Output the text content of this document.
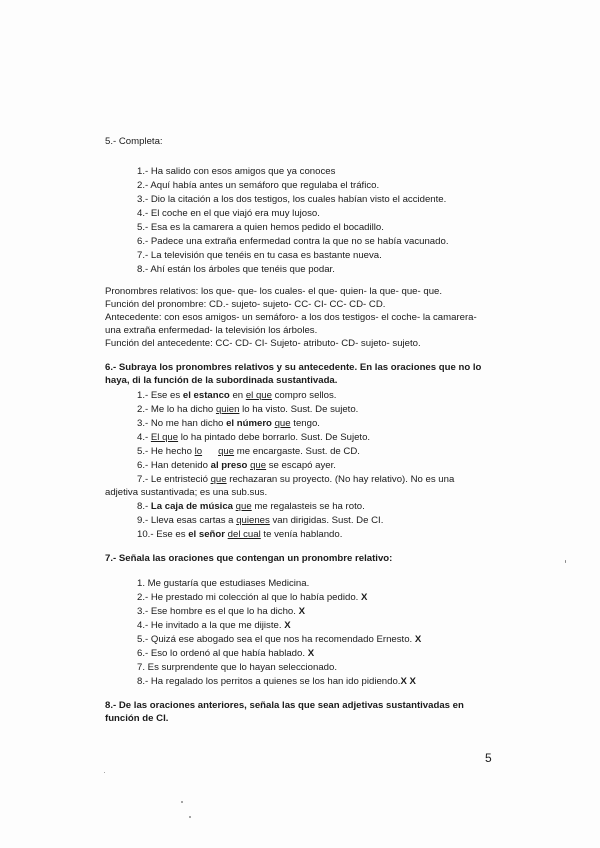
5.- Completa:
1.- Ha salido con esos amigos que ya conoces
2.- Aquí había antes un semáforo que regulaba el tráfico.
3.- Dio la citación a los dos testigos, los cuales habían visto el accidente.
4.- El coche en el que viajó era muy lujoso.
5.- Esa es la camarera a quien hemos pedido el bocadillo.
6.- Padece una extraña enfermedad contra la que no se había vacunado.
7.- La televisión que tenéis en tu casa es bastante nueva.
8.- Ahí están los árboles que tenéis que podar.
Pronombres relativos: los que- que- los cuales- el que- quien- la que- que- que.
Función del pronombre: CD.- sujeto- sujeto- CC- CI- CC- CD- CD.
Antecedente: con esos amigos- un semáforo- a los dos testigos- el coche- la camarera-
una extraña enfermedad- la televisión los árboles.
Función del antecedente: CC- CD- CI- Sujeto- atributo- CD- sujeto- sujeto.
6.- Subraya los pronombres relativos y su antecedente. En las oraciones que no lo
haya, di la función de la subordinada sustantivada.
1.- Ese es el estanco en el que compro sellos.
2.- Me lo ha dicho quien lo ha visto. Sust. De sujeto.
3.- No me han dicho el número que tengo.
4.- El que lo ha pintado debe borrarlo. Sust. De Sujeto.
5.- He hecho lo que me encargaste. Sust. de CD.
6.- Han detenido al preso que se escapó ayer.
7.- Le entristeció que rechazaran su proyecto. (No hay relativo). No es una
adjetiva sustantivada; es una sub.sus.
8.- La caja de música que me regalasteis se ha roto.
9.- Lleva esas cartas a quienes van dirigidas. Sust. De CI.
10.- Ese es el señor del cual te venía hablando.
7.- Señala las oraciones que contengan un pronombre relativo:
1. Me gustaría que estudiases Medicina.
2.- He prestado mi colección al que lo había pedido. X
3.- Ese hombre es el que lo ha dicho. X
4.- He invitado a la que me dijiste. X
5.- Quizá ese abogado sea el que nos ha recomendado Ernesto. X
6.- Eso lo ordenó al que había hablado. X
7. Es surprendente que lo hayan seleccionado.
8.- Ha regalado los perritos a quienes se los han ido pidiendo.X X
8.- De las oraciones anteriores, señala las que sean adjetivas sustantivadas en
función de CI.
5
